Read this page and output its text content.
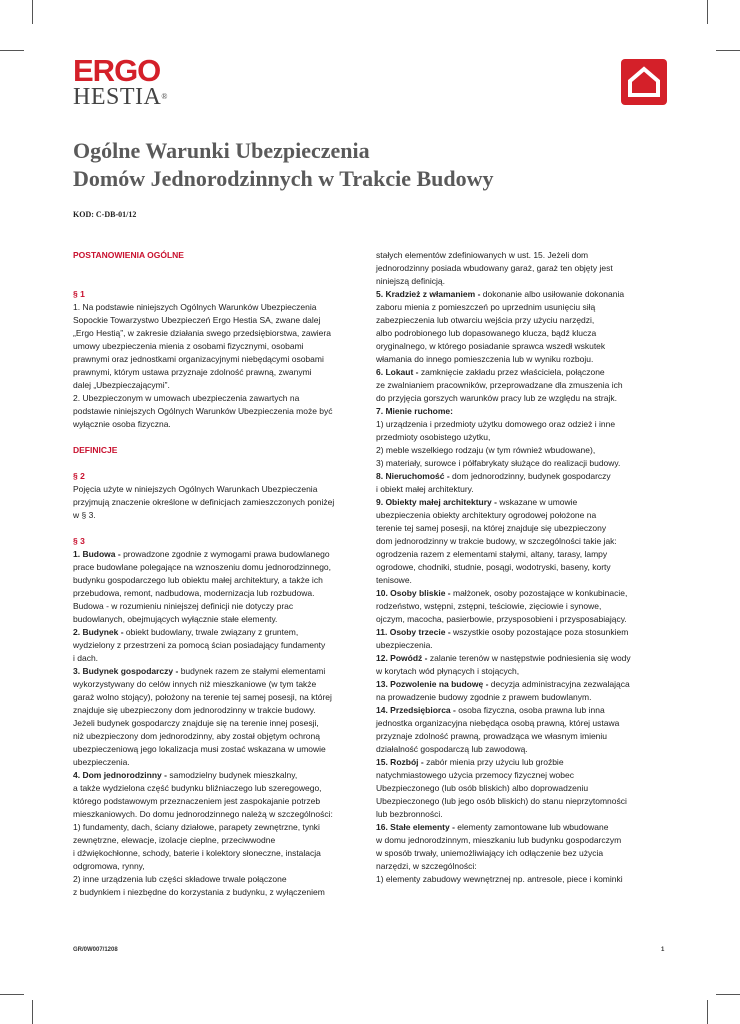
ERGO
HESTIA®
Ogólne Warunki Ubezpieczenia
Domów Jednorodzinnych w Trakcie Budowy
KOD: C-DB-01/12

POSTANOWIENIA OGÓLNE

§ 1

1. Na podstawie niniejszych Ogólnych Warunków Ubezpieczenia

Sopockie Towarzystwo Ubezpieczeń Ergo Hestia SA, zwane dalej

„Ergo Hestią”, w zakresie działania swego przedsiębiorstwa, zawiera

umowy ubezpieczenia mienia z osobami fizycznymi, osobami

prawnymi oraz jednostkami organizacyjnymi niebędącymi osobami

prawnymi, którym ustawa przyznaje zdolność prawną, zwanymi

dalej „Ubezpieczającymi”.

2. Ubezpieczonym w umowach ubezpieczenia zawartych na

podstawie niniejszych Ogólnych Warunków Ubezpieczenia może być

wyłącznie osoba fizyczna.

DEFINICJE

§ 2

Pojęcia użyte w niniejszych Ogólnych Warunkach Ubezpieczenia

przyjmują znaczenie określone w definicjach zamieszczonych poniżej

w § 3.

§ 3

1. Budowa - prowadzone zgodnie z wymogami prawa budowlanego

prace budowlane polegające na wznoszeniu domu jednorodzinnego,

budynku gospodarczego lub obiektu małej architektury, a także ich

przebudowa, remont, nadbudowa, modernizacja lub rozbudowa.

Budowa - w rozumieniu niniejszej definicji nie dotyczy prac

budowlanych, obejmujących wyłącznie stałe elementy.

2. Budynek - obiekt budowlany, trwale związany z gruntem,

wydzielony z przestrzeni za pomocą ścian posiadający fundamenty

i dach.

3. Budynek gospodarczy - budynek razem ze stałymi elementami

wykorzystywany do celów innych niż mieszkaniowe (w tym także

garaż wolno stojący), położony na terenie tej samej posesji, na której

znajduje się ubezpieczony dom jednorodzinny w trakcie budowy.

Jeżeli budynek gospodarczy znajduje się na terenie innej posesji,

niż ubezpieczony dom jednorodzinny, aby został objętym ochroną

ubezpieczeniową jego lokalizacja musi zostać wskazana w umowie

ubezpieczenia.

4. Dom jednorodzinny - samodzielny budynek mieszkalny,

a także wydzielona część budynku bliźniaczego lub szeregowego,

którego podstawowym przeznaczeniem jest zaspokajanie potrzeb

mieszkaniowych. Do domu jednorodzinnego należą w szczególności:

1) fundamenty, dach, ściany działowe, parapety zewnętrzne, tynki

zewnętrzne, elewacje, izolacje cieplne, przeciwwodne

i dźwiękochłonne, schody, baterie i kolektory słoneczne, instalacja

odgromowa, rynny,

2) inne urządzenia lub części składowe trwale połączone

z budynkiem i niezbędne do korzystania z budynku, z wyłączeniem

stałych elementów zdefiniowanych w ust. 15. Jeżeli dom

jednorodzinny posiada wbudowany garaż, garaż ten objęty jest

niniejszą definicją.

5. Kradzież z włamaniem - dokonanie albo usiłowanie dokonania

zaboru mienia z pomieszczeń po uprzednim usunięciu siłą

zabezpieczenia lub otwarciu wejścia przy użyciu narzędzi,

albo podrobionego lub dopasowanego klucza, bądź klucza

oryginalnego, w którego posiadanie sprawca wszedł wskutek

włamania do innego pomieszczenia lub w wyniku rozboju.

6. Lokaut - zamknięcie zakładu przez właściciela, połączone

ze zwalnianiem pracowników, przeprowadzane dla zmuszenia ich

do przyjęcia gorszych warunków pracy lub ze względu na strajk.

7. Mienie ruchome:

1) urządzenia i przedmioty użytku domowego oraz odzież i inne

przedmioty osobistego użytku,

2) meble wszelkiego rodzaju (w tym również wbudowane),

3) materiały, surowce i półfabrykaty służące do realizacji budowy.

8. Nieruchomość - dom jednorodzinny, budynek gospodarczy

i obiekt małej architektury.

9. Obiekty małej architektury - wskazane w umowie

ubezpieczenia obiekty architektury ogrodowej położone na

terenie tej samej posesji, na której znajduje się ubezpieczony

dom jednorodzinny w trakcie budowy, w szczególności takie jak:

ogrodzenia razem z elementami stałymi, altany, tarasy, lampy

ogrodowe, chodniki, studnie, posągi, wodotryski, baseny, korty

tenisowe.

10. Osoby bliskie - małżonek, osoby pozostające w konkubinacie,

rodzeństwo, wstępni, zstępni, teściowie, zięciowie i synowe,

ojczym, macocha, pasierbowie, przysposobieni i przysposabiający.

11. Osoby trzecie - wszystkie osoby pozostające poza stosunkiem

ubezpieczenia.

12. Powódź - zalanie terenów w następstwie podniesienia się wody

w korytach wód płynących i stojących,

13. Pozwolenie na budowę - decyzja administracyjna zezwalająca

na prowadzenie budowy zgodnie z prawem budowlanym.

14. Przedsiębiorca - osoba fizyczna, osoba prawna lub inna

jednostka organizacyjna niebędąca osobą prawną, której ustawa

przyznaje zdolność prawną, prowadząca we własnym imieniu

działalność gospodarczą lub zawodową.

15. Rozbój - zabór mienia przy użyciu lub groźbie

natychmiastowego użycia przemocy fizycznej wobec

Ubezpieczonego (lub osób bliskich) albo doprowadzeniu

Ubezpieczonego (lub jego osób bliskich) do stanu nieprzytomności

lub bezbronności.

16. Stałe elementy - elementy zamontowane lub wbudowane

w domu jednorodzinnym, mieszkaniu lub budynku gospodarczym

w sposób trwały, uniemożliwiający ich odłączenie bez użycia

narzędzi, w szczególności:

1) elementy zabudowy wewnętrznej np. antresole, piece i kominki

GR/0W007/1208	1
